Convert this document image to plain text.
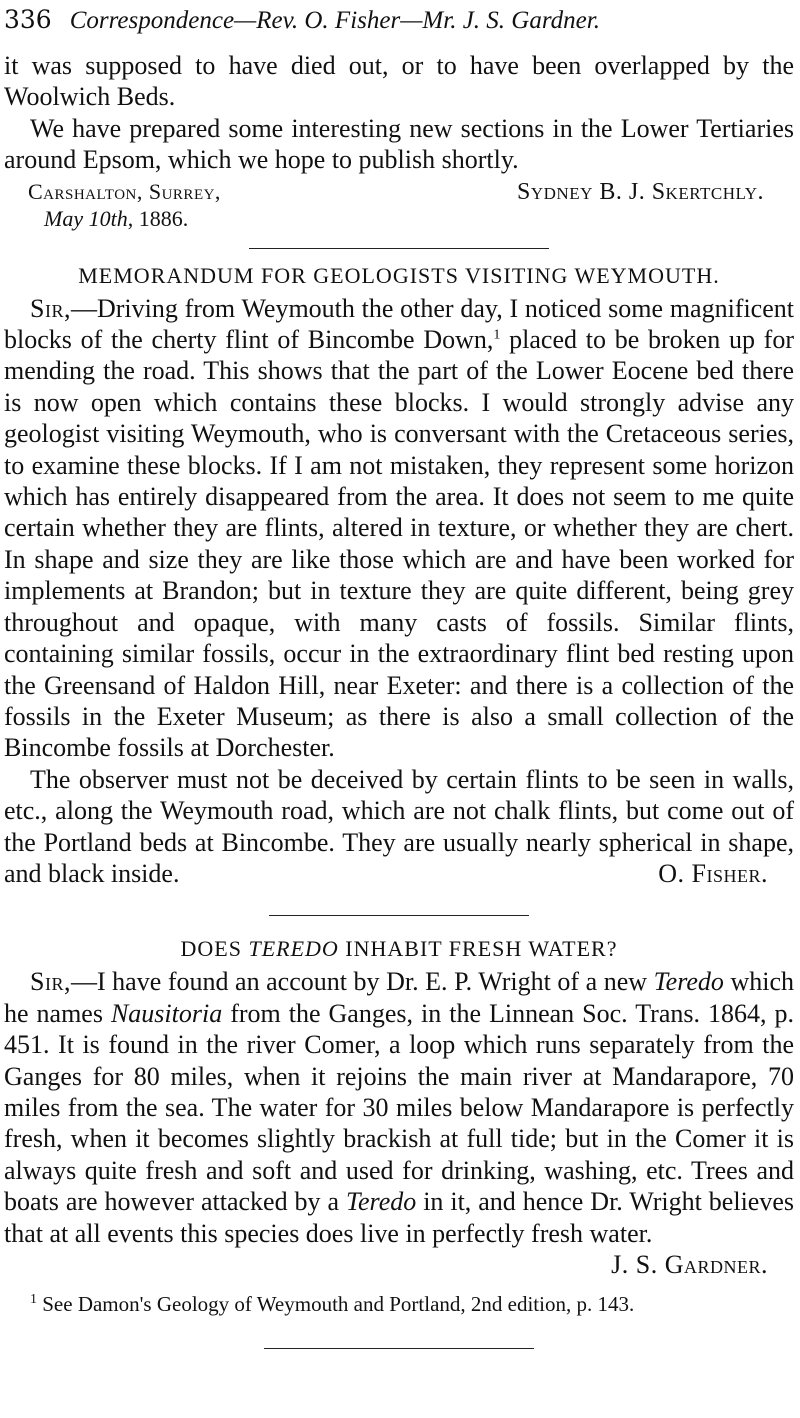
336 Correspondence—Rev. O. Fisher—Mr. J. S. Gardner.

it was supposed to have died out, or to have been overlapped by the Woolwich Beds.

We have prepared some interesting new sections in the Lower Tertiaries around Epsom, which we hope to publish shortly.

Carshalton, Surrey,	Sydney B. J. Skertchly.
May 10th, 1886.
MEMORANDUM FOR GEOLOGISTS VISITING WEYMOUTH.

Sir,—Driving from Weymouth the other day, I noticed some magnificent blocks of the cherty flint of Bincombe Down,$^1$ placed to be broken up for mending the road. This shows that the part of the Lower Eocene bed there is now open which contains these blocks. I would strongly advise any geologist visiting Weymouth, who is conversant with the Cretaceous series, to examine these blocks. If I am not mistaken, they represent some horizon which has entirely disappeared from the area. It does not seem to me quite certain whether they are flints, altered in texture, or whether they are chert. In shape and size they are like those which are and have been worked for implements at Brandon; but in texture they are quite different, being grey throughout and opaque, with many casts of fossils. Similar flints, containing similar fossils, occur in the extraordinary flint bed resting upon the Greensand of Haldon Hill, near Exeter: and there is a collection of the fossils in the Exeter Museum; as there is also a small collection of the Bincombe fossils at Dorchester.

The observer must not be deceived by certain flints to be seen in walls, etc., along the Weymouth road, which are not chalk flints, but come out of the Portland beds at Bincombe. They are usually nearly spherical in shape, and black inside.	O. Fisher.

DOES TEREDO INHABIT FRESH WATER?

Sir,—I have found an account by Dr. E. P. Wright of a new Teredo which he names Nausitoria from the Ganges, in the Linnean Soc. Trans. 1864, p. 451. It is found in the river Comer, a loop which runs separately from the Ganges for 80 miles, when it rejoins the main river at Mandarapore, 70 miles from the sea. The water for 30 miles below Mandarapore is perfectly fresh, when it becomes slightly brackish at full tide; but in the Comer it is always quite fresh and soft and used for drinking, washing, etc. Trees and boats are however attacked by a Teredo in it, and hence Dr. Wright believes that at all events this species does live in perfectly fresh water.
J. S. Gardner.

$^1$ See Damon's Geology of Weymouth and Portland, 2nd edition, p. 143.
